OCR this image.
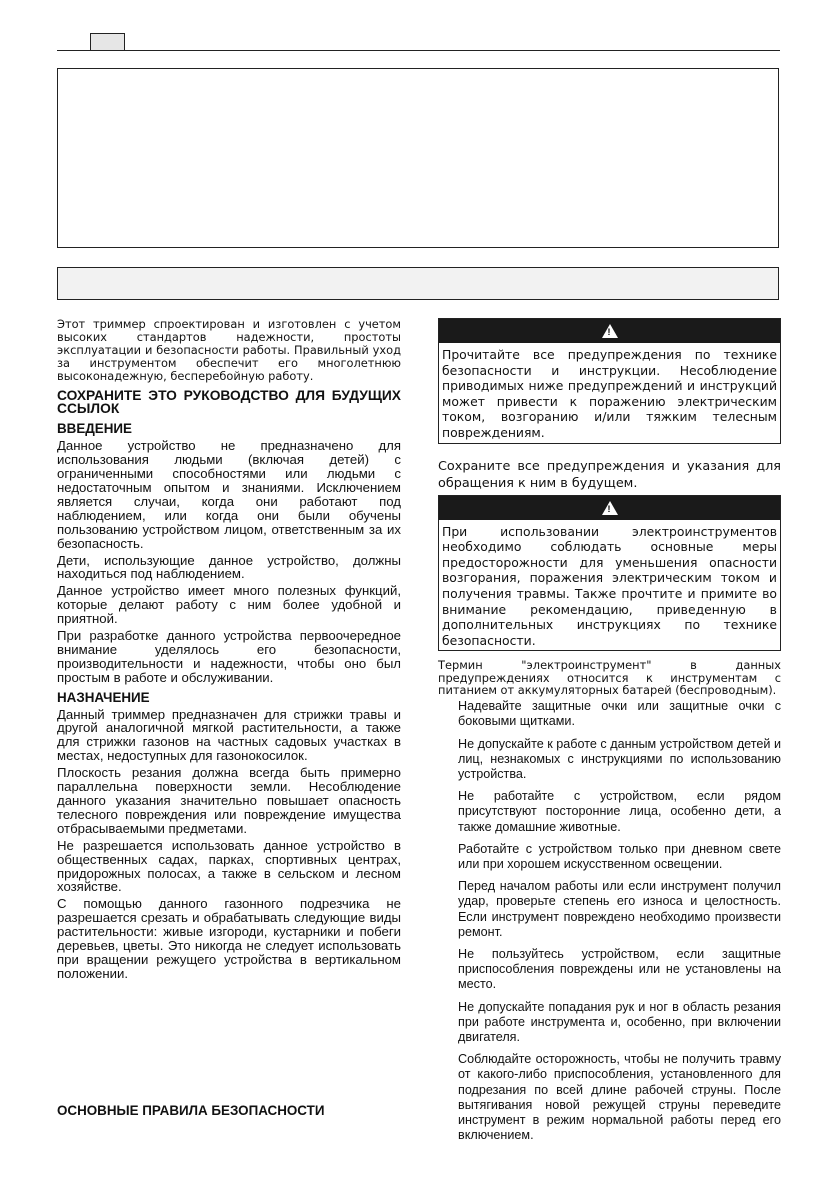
Этот триммер спроектирован и изготовлен с учетом высоких стандартов надежности, простоты эксплуатации и безопасности работы. Правильный уход за инструментом обеспечит его многолетнюю высоконадежную, бесперебойную работу.

СОХРАНИТЕ ЭТО РУКОВОДСТВО ДЛЯ БУДУЩИХ ССЫЛОК
ВВЕДЕНИЕ

Данное устройство не предназначено для использования людьми (включая детей) с ограниченными способностями или людьми с недостаточным опытом и знаниями. Исключением является случаи, когда они работают под наблюдением, или когда они были обучены пользованию устройством лицом, ответственным за их безопасность.

Дети, использующие данное устройство, должны находиться под наблюдением.

Данное устройство имеет много полезных функций, которые делают работу с ним более удобной и приятной.

При разработке данного устройства первоочередное внимание уделялось его безопасности, производительности и надежности, чтобы оно был простым в работе и обслуживании.

НАЗНАЧЕНИЕ

Данный триммер предназначен для стрижки травы и другой аналогичной мягкой растительности, а также для стрижки газонов на частных садовых участках в местах, недоступных для газонокосилок.

Плоскость резания должна всегда быть примерно параллельна поверхности земли. Несоблюдение данного указания значительно повышает опасность телесного повреждения или повреждение имущества отбрасываемыми предметами.

Не разрешается использовать данное устройство в общественных садах, парках, спортивных центрах, придорожных полосах, а также в сельском и лесном хозяйстве.

С помощью данного газонного подрезчика не разрешается срезать и обрабатывать следующие виды растительности: живые изгороди, кустарники и побеги деревьев, цветы. Это никогда не следует использовать при вращении режущего устройства в вертикальном положении.

ОСНОВНЫЕ ПРАВИЛА БЕЗОПАСНОСТИ
!
Прочитайте все предупреждения по технике безопасности и инструкции. Несоблюдение приводимых ниже предупреждений и инструкций может привести к поражению электрическим током, возгоранию и/или тяжким телесным повреждениям.

Сохраните все предупреждения и указания для обращения к ним в будущем.

!
При использовании электроинструментов необходимо соблюдать основные меры предосторожности для уменьшения опасности возгорания, поражения электрическим током и получения травмы. Также прочтите и примите во внимание рекомендацию, приведенную в дополнительных инструкциях по технике безопасности.

Термин "электроинструмент" в данных предупреждениях относится к инструментам с питанием от аккумуляторных батарей (беспроводным).

Надевайте защитные очки или защитные очки с боковыми щитками.
Не допускайте к работе с данным устройством детей и лиц, незнакомых с инструкциями по использованию устройства.
Не работайте с устройством, если рядом присутствуют посторонние лица, особенно дети, а также домашние животные.
Работайте с устройством только при дневном свете или при хорошем искусственном освещении.
Перед началом работы или если инструмент получил удар, проверьте степень его износа и целостность. Если инструмент повреждено необходимо произвести ремонт.
Не пользуйтесь устройством, если защитные приспособления повреждены или не установлены на место.
Не допускайте попадания рук и ног в область резания при работе инструмента и, особенно, при включении двигателя.
Соблюдайте осторожность, чтобы не получить травму от какого-либо приспособления, установленного для подрезания по всей длине рабочей струны. После вытягивания новой режущей струны переведите инструмент в режим нормальной работы перед его включением.
